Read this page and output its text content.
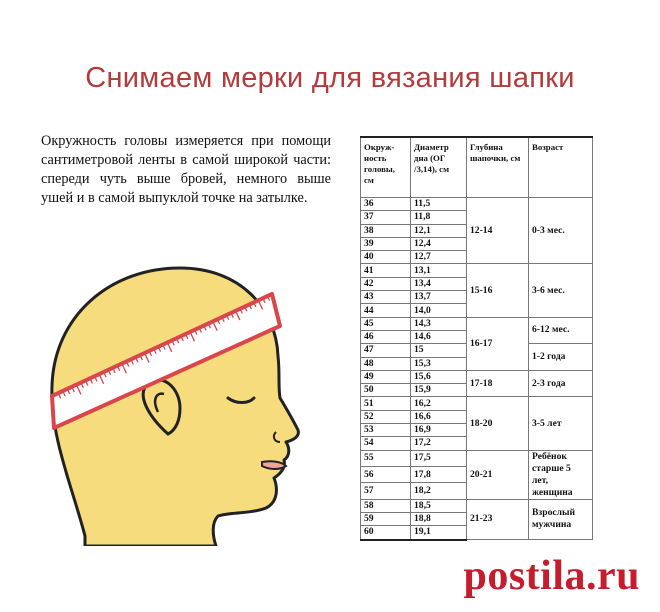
Снимаем мерки для вязания шапки
Окружность головы измеряется при помощи сантиметровой ленты в самой широкой части: спереди чуть выше бровей, немного выше ушей и в самой выпуклой точке на затылке.
Окруж-ность головы, см	Диаметр дна (ОГ /3,14), см	Глубина шапочки, см	Возраст
36	11,5	12-14	0-3 мес.
37	11,8		
38	12,1		
39	12,4		
40	12,7		
41	13,1	15-16	3-6 мес.
42	13,4		
43	13,7		
44	14,0		
45	14,3	16-17	6-12 мес.
46	14,6		
47	15		1-2 года
48	15,3		
49	15,6	17-18	2-3 года
50	15,9		
51	16,2	18-20	3-5 лет
52	16,6		
53	16,9		
54	17,2		
55	17,5	20-21	Ребёнок старше 5 лет, женщина
56	17,8		
57	18,2		
58	18,5	21-23	Взрослый мужчина
59	18,8		
60	19,1		
postila.ru
